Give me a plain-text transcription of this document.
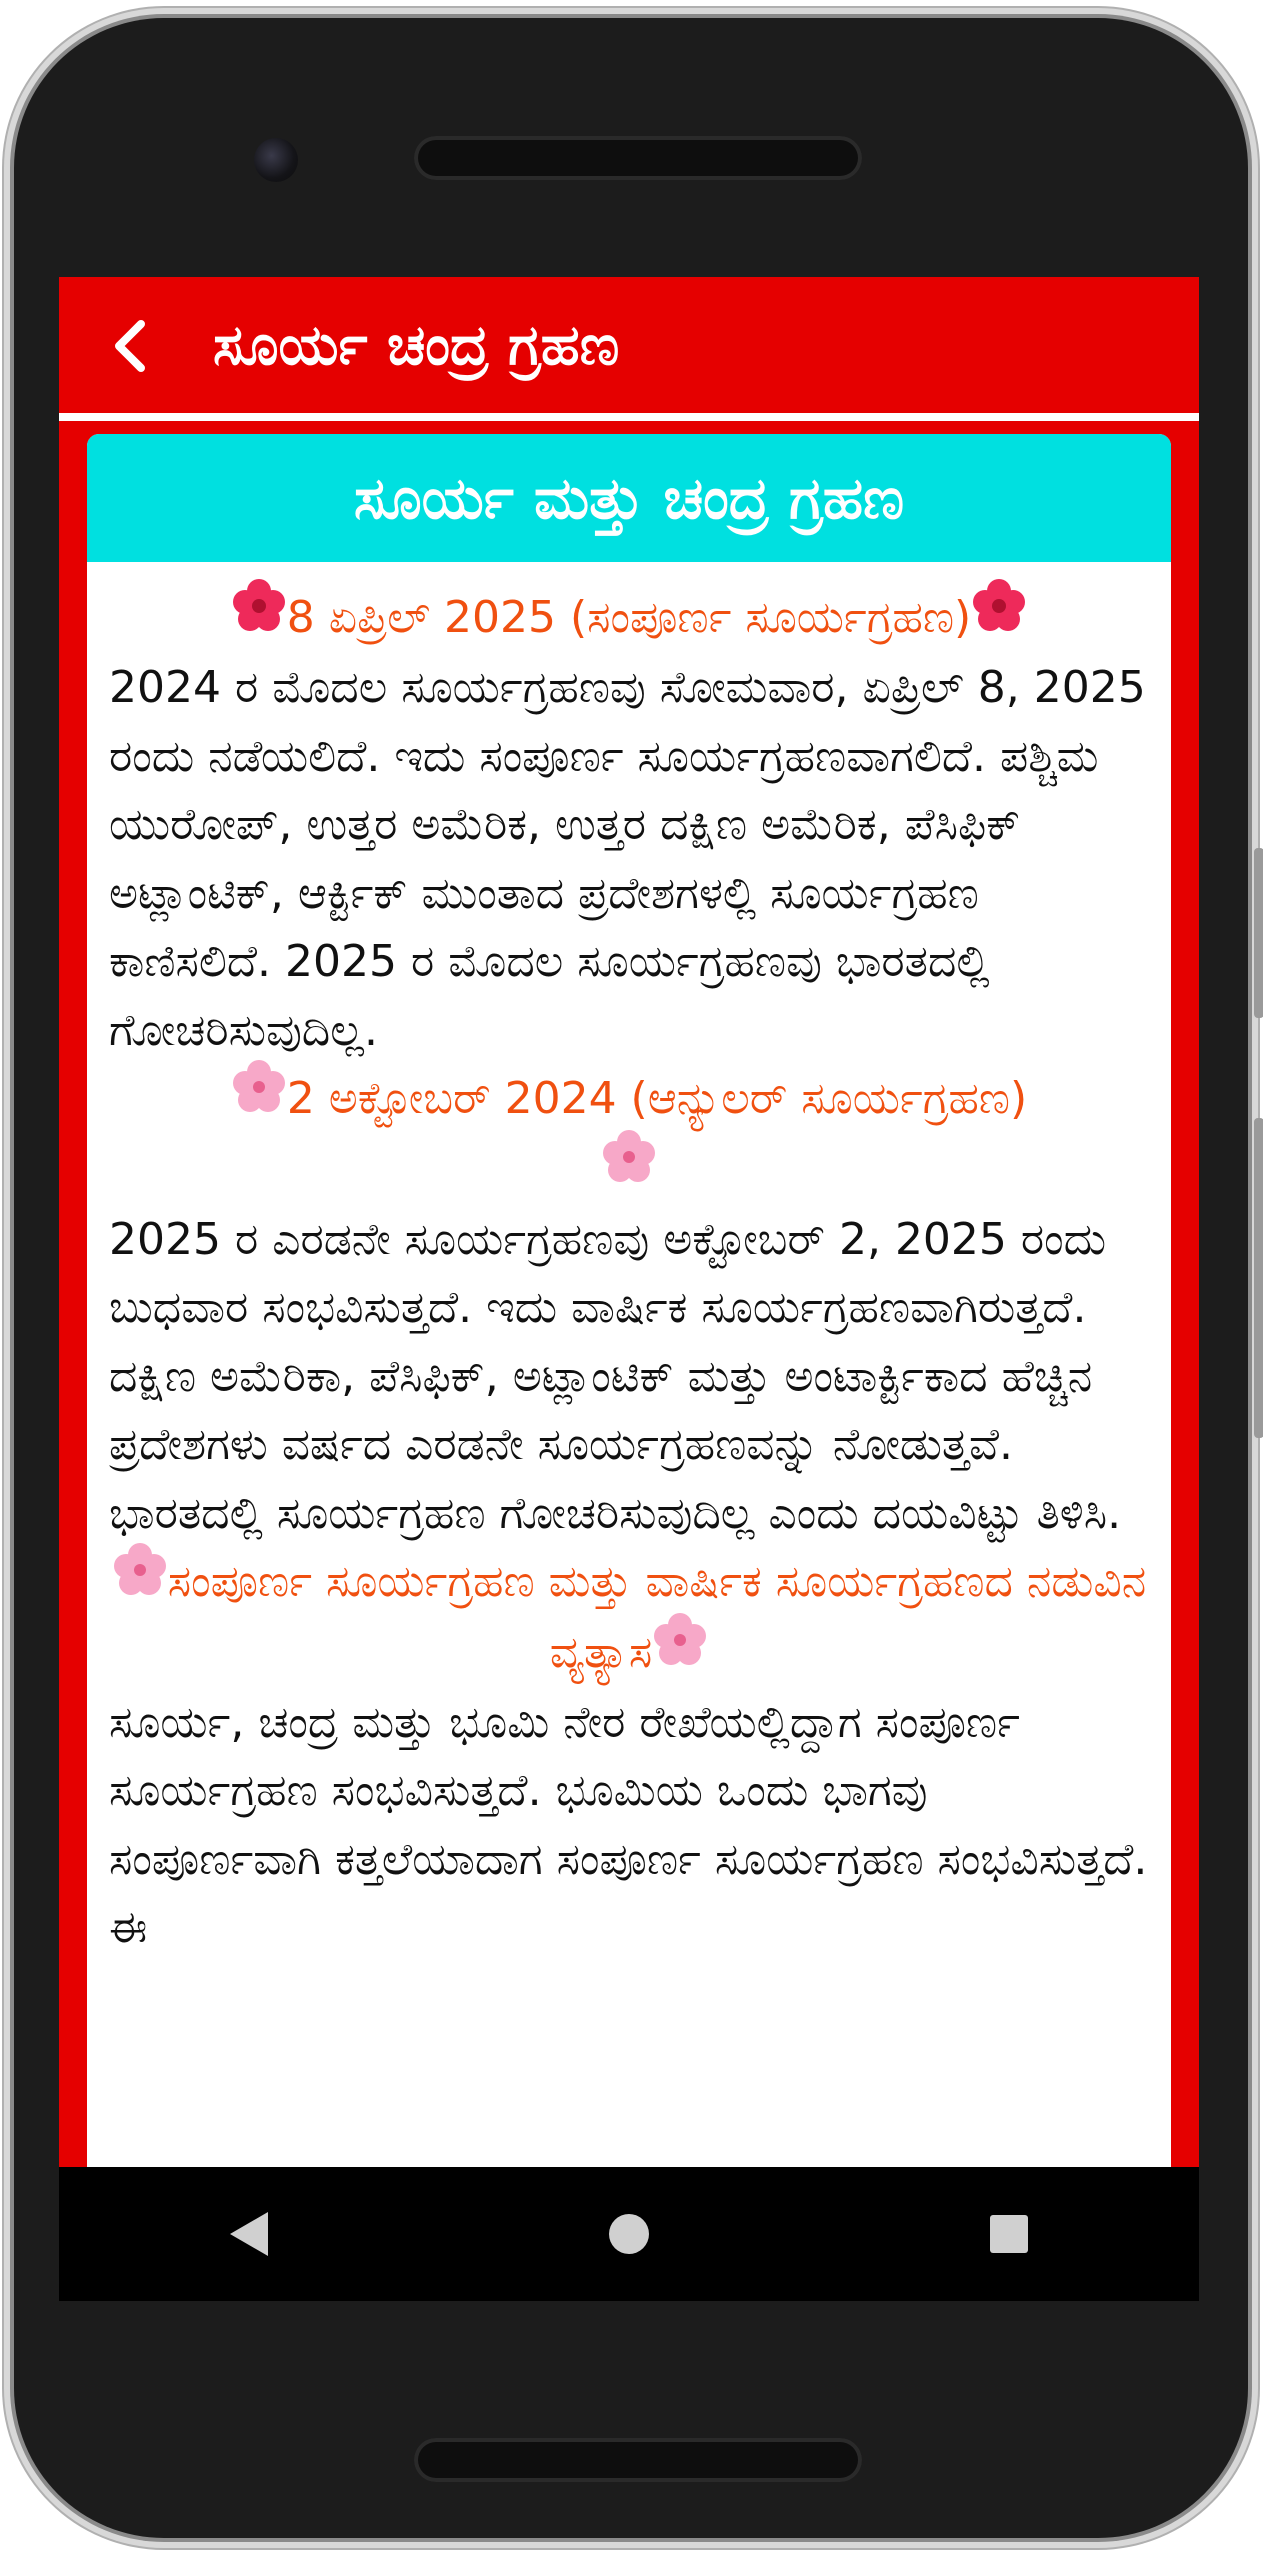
ಸೂರ್ಯ ಚಂದ್ರ ಗ್ರಹಣ
ಸೂರ್ಯ ಮತ್ತು ಚಂದ್ರ ಗ್ರಹಣ
8 ಏಪ್ರಿಲ್ 2025 (ಸಂಪೂರ್ಣ ಸೂರ್ಯಗ್ರಹಣ)
2024 ರ ಮೊದಲ ಸೂರ್ಯಗ್ರಹಣವು ಸೋಮವಾರ, ಏಪ್ರಿಲ್ 8, 2025 ರಂದು ನಡೆಯಲಿದೆ. ಇದು ಸಂಪೂರ್ಣ ಸೂರ್ಯಗ್ರಹಣವಾಗಲಿದೆ. ಪಶ್ಚಿಮ ಯುರೋಪ್, ಉತ್ತರ ಅಮೆರಿಕ, ಉತ್ತರ ದಕ್ಷಿಣ ಅಮೆರಿಕ, ಪೆಸಿಫಿಕ್ ಅಟ್ಲಾಂಟಿಕ್, ಆರ್ಕ್ಟಿಕ್ ಮುಂತಾದ ಪ್ರದೇಶಗಳಲ್ಲಿ ಸೂರ್ಯಗ್ರಹಣ ಕಾಣಿಸಲಿದೆ. 2025 ರ ಮೊದಲ ಸೂರ್ಯಗ್ರಹಣವು ಭಾರತದಲ್ಲಿ ಗೋಚರಿಸುವುದಿಲ್ಲ.
2 ಅಕ್ಟೋಬರ್ 2024 (ಆನ್ಯುಲರ್ ಸೂರ್ಯಗ್ರಹಣ)

2025 ರ ಎರಡನೇ ಸೂರ್ಯಗ್ರಹಣವು ಅಕ್ಟೋಬರ್ 2, 2025 ರಂದು ಬುಧವಾರ ಸಂಭವಿಸುತ್ತದೆ. ಇದು ವಾರ್ಷಿಕ ಸೂರ್ಯಗ್ರಹಣವಾಗಿರುತ್ತದೆ. ದಕ್ಷಿಣ ಅಮೆರಿಕಾ, ಪೆಸಿಫಿಕ್, ಅಟ್ಲಾಂಟಿಕ್ ಮತ್ತು ಅಂಟಾರ್ಕ್ಟಿಕಾದ ಹೆಚ್ಚಿನ ಪ್ರದೇಶಗಳು ವರ್ಷದ ಎರಡನೇ ಸೂರ್ಯಗ್ರಹಣವನ್ನು ನೋಡುತ್ತವೆ. ಭಾರತದಲ್ಲಿ ಸೂರ್ಯಗ್ರಹಣ ಗೋಚರಿಸುವುದಿಲ್ಲ ಎಂದು ದಯವಿಟ್ಟು ತಿಳಿಸಿ.
ಸಂಪೂರ್ಣ ಸೂರ್ಯಗ್ರಹಣ ಮತ್ತು ವಾರ್ಷಿಕ ಸೂರ್ಯಗ್ರಹಣದ ನಡುವಿನ ವ್ಯತ್ಯಾಸ
ಸೂರ್ಯ, ಚಂದ್ರ ಮತ್ತು ಭೂಮಿ ನೇರ ರೇಖೆಯಲ್ಲಿದ್ದಾಗ ಸಂಪೂರ್ಣ ಸೂರ್ಯಗ್ರಹಣ ಸಂಭವಿಸುತ್ತದೆ. ಭೂಮಿಯ ಒಂದು ಭಾಗವು ಸಂಪೂರ್ಣವಾಗಿ ಕತ್ತಲೆಯಾದಾಗ ಸಂಪೂರ್ಣ ಸೂರ್ಯಗ್ರಹಣ ಸಂಭವಿಸುತ್ತದೆ. ಈ
